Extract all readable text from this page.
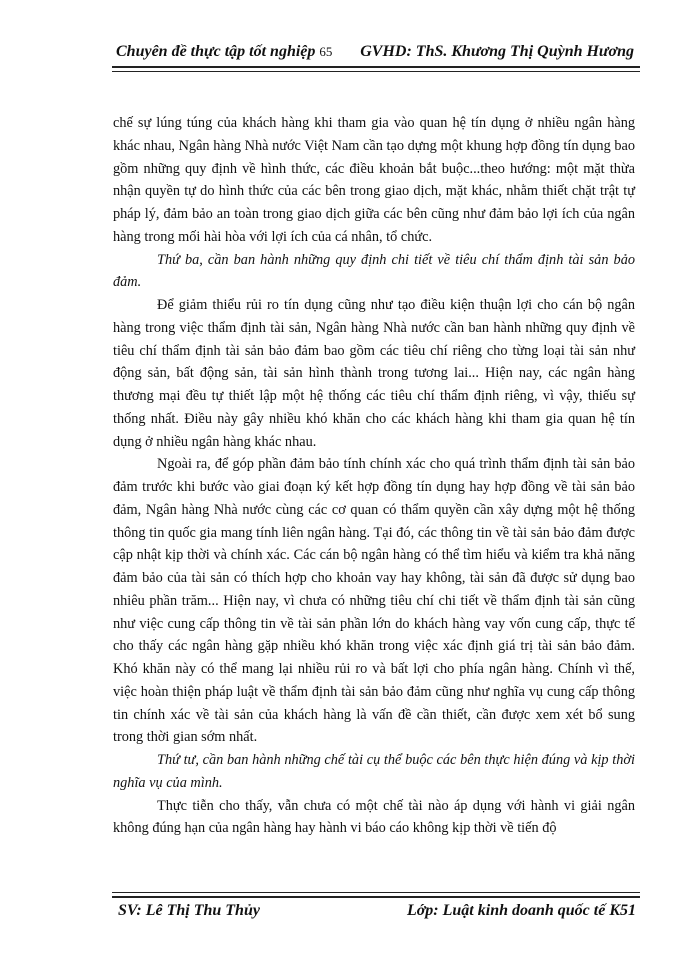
Chuyên đề thực tập tốt nghiệp 65 GVHD: ThS. Khương Thị Quỳnh Hương

chế sự lúng túng của khách hàng khi tham gia vào quan hệ tín dụng ở nhiều ngân hàng khác nhau, Ngân hàng Nhà nước Việt Nam cần tạo dựng một khung hợp đồng tín dụng bao gồm những quy định về hình thức, các điều khoản bắt buộc...theo hướng: một mặt thừa nhận quyền tự do hình thức của các bên trong giao dịch, mặt khác, nhằm thiết chặt trật tự pháp lý, đảm bảo an toàn trong giao dịch giữa các bên cũng như đảm bảo lợi ích của ngân hàng trong mối hài hòa với lợi ích của cá nhân, tổ chức.

Thứ ba, cần ban hành những quy định chi tiết về tiêu chí thẩm định tài sản bảo đảm.

Để giảm thiểu rủi ro tín dụng cũng như tạo điều kiện thuận lợi cho cán bộ ngân hàng trong việc thẩm định tài sản, Ngân hàng Nhà nước cần ban hành những quy định về tiêu chí thẩm định tài sản bảo đảm bao gồm các tiêu chí riêng cho từng loại tài sản như động sản, bất động sản, tài sản hình thành trong tương lai... Hiện nay, các ngân hàng thương mại đều tự thiết lập một hệ thống các tiêu chí thẩm định riêng, vì vậy, thiếu sự thống nhất. Điều này gây nhiều khó khăn cho các khách hàng khi tham gia quan hệ tín dụng ở nhiều ngân hàng khác nhau.

Ngoài ra, để góp phần đảm bảo tính chính xác cho quá trình thẩm định tài sản bảo đảm trước khi bước vào giai đoạn ký kết hợp đồng tín dụng hay hợp đồng về tài sản bảo đảm, Ngân hàng Nhà nước cùng các cơ quan có thẩm quyền cần xây dựng một hệ thống thông tin quốc gia mang tính liên ngân hàng. Tại đó, các thông tin về tài sản bảo đảm được cập nhật kịp thời và chính xác. Các cán bộ ngân hàng có thể tìm hiểu và kiểm tra khả năng đảm bảo của tài sản có thích hợp cho khoản vay hay không, tài sản đã được sử dụng bao nhiêu phần trăm... Hiện nay, vì chưa có những tiêu chí chi tiết về thẩm định tài sản cũng như việc cung cấp thông tin về tài sản phần lớn do khách hàng vay vốn cung cấp, thực tế cho thấy các ngân hàng gặp nhiều khó khăn trong việc xác định giá trị tài sản bảo đảm. Khó khăn này có thể mang lại nhiều rủi ro và bất lợi cho phía ngân hàng. Chính vì thế, việc hoàn thiện pháp luật về thẩm định tài sản bảo đảm cũng như nghĩa vụ cung cấp thông tin chính xác về tài sản của khách hàng là vấn đề cần thiết, cần được xem xét bổ sung trong thời gian sớm nhất.

Thứ tư, cần ban hành những chế tài cụ thể buộc các bên thực hiện đúng và kịp thời nghĩa vụ của mình.

Thực tiễn cho thấy, vẫn chưa có một chế tài nào áp dụng với hành vi giải ngân không đúng hạn của ngân hàng hay hành vi báo cáo không kịp thời về tiến độ

SV: Lê Thị Thu Thủy	Lớp: Luật kinh doanh quốc tế K51
